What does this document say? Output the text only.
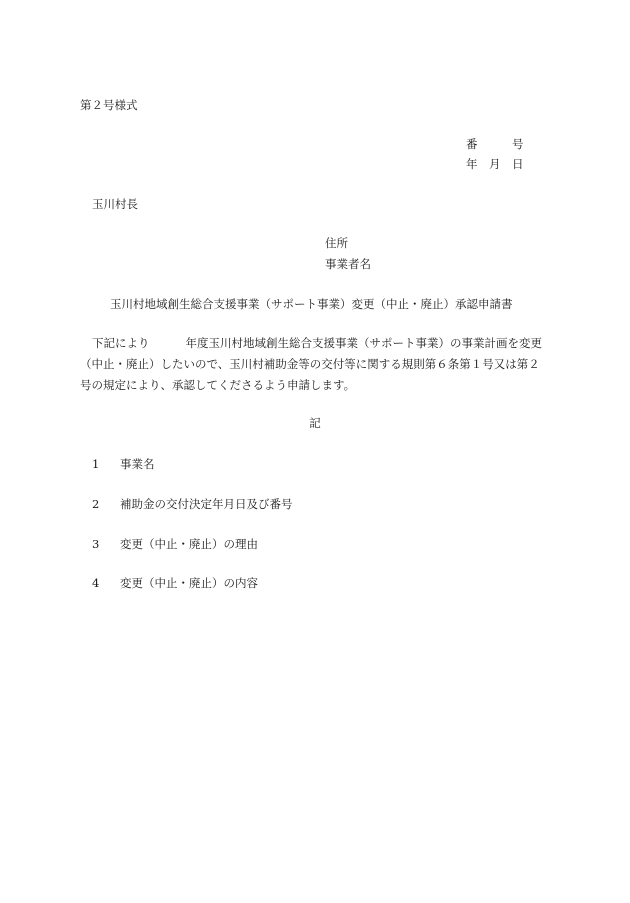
第２号様式
番	号
年 月 日
玉川村長
住所
事業者名
玉川村地域創生総合支援事業（サポート事業）変更（中止・廃止）承認申請書
下記により	年度玉川村地域創生総合支援事業（サポート事業）の事業計画を変更
（中止・廃止）したいので、玉川村補助金等の交付等に関する規則第６条第１号又は第２
号の規定により、承認してくださるよう申請します。
記
1 事業名
2 補助金の交付決定年月日及び番号
3 変更（中止・廃止）の理由
4 変更（中止・廃止）の内容
